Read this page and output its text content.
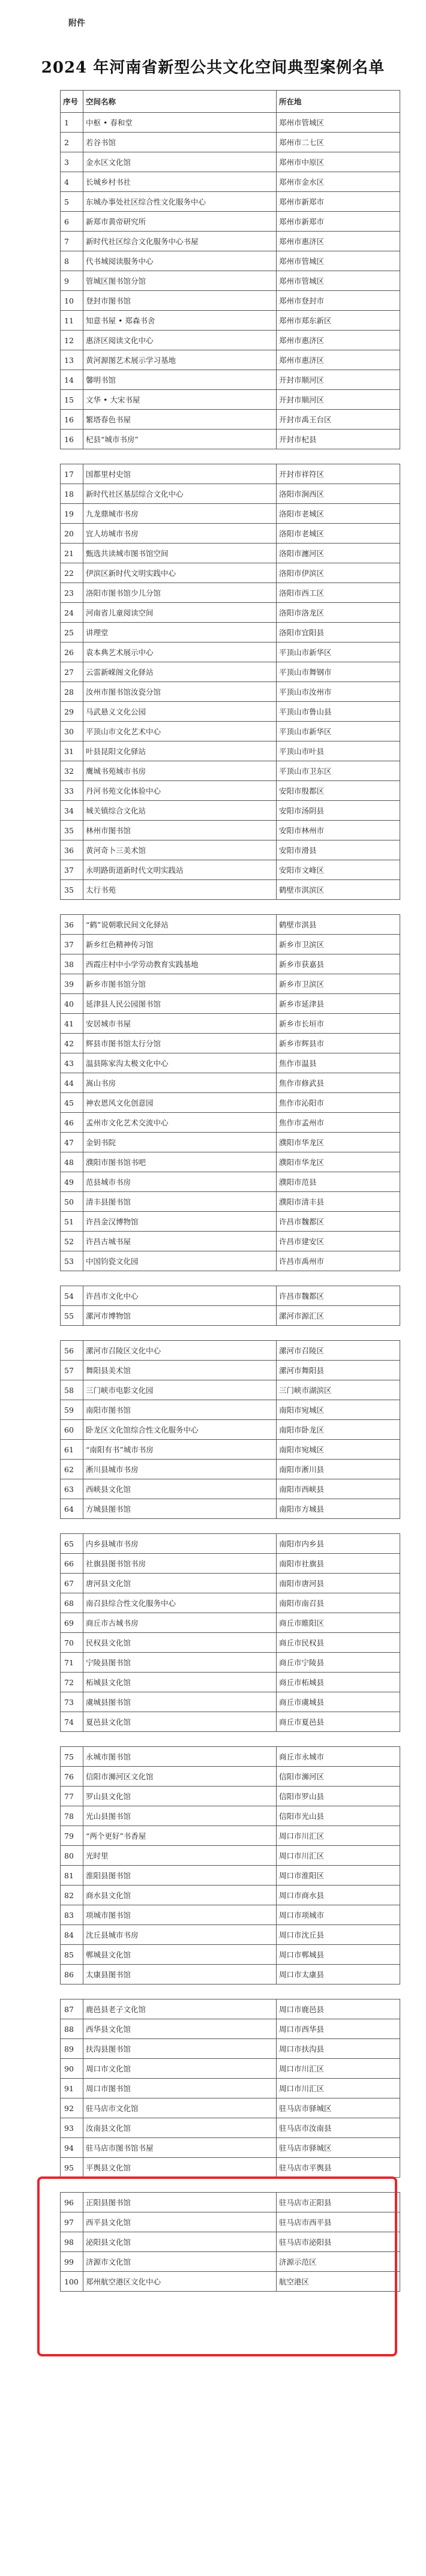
附件
2024 年河南省新型公共文化空间典型案例名单
序号	空间名称	所在地
1	中枢 • 春和堂	郑州市管城区
2	若谷书馆	郑州市二七区
3	金水区文化馆	郑州市中原区
4	长城乡村书社	郑州市金水区
5	东城办事处社区综合性文化服务中心	郑州市新郑市
6	新郑市黄帝研究所	郑州市新郑市
7	新时代社区综合文化服务中心书屋	郑州市惠济区
8	代书城阅读服务中心	郑州市管城区
9	管城区图书馆分馆	郑州市管城区
10	登封市图书馆	郑州市登封市
11	知意书屋 • 郑森书舍	郑州市郑东新区
12	惠济区阅读文化中心	郑州市惠济区
13	黄河源图艺术展示学习基地	郑州市惠济区
14	馨明书馆	开封市顺河区
15	文华 • 大宋书屋	开封市顺河区
16	繁塔春色书屋	开封市禹王台区
16	杞县“城市书房”	开封市杞县

17	国都里村史馆	开封市祥符区
18	新时代社区基层综合文化中心	洛阳市涧西区
19	九龙鼎城市书房	洛阳市老城区
20	宜人坊城市书房	洛阳市老城区
21	甄选共读城市图书馆空间	洛阳市瀍河区
22	伊滨区新时代文明实践中心	洛阳市伊滨区
23	洛阳市图书馆少儿分馆	洛阳市西工区
24	河南省儿童阅读空间	洛阳市洛龙区
25	讲理堂	洛阳市宜阳县
26	袁本典艺术展示中心	平顶山市新华区
27	云雷新嵘阁文化驿站	平顶山市舞钢市
28	汝州市图书馆汝瓷分馆	平顶山市汝州市
29	马武悬义文化公园	平顶山市鲁山县
30	平顶山市文化艺术中心	平顶山市新华区
31	叶县昆阳文化驿站	平顶山市叶县
32	鹰城书苑城市书房	平顶山市卫东区
33	丹河书苑文化体验中心	安阳市殷都区
34	城关镇综合文化站	安阳市汤阴县
35	林州市图书馆	安阳市林州市
36	黄河奇卜三美术馆	安阳市滑县
37	永明路街道新时代文明实践站	安阳市文峰区
35	太行书苑	鹤壁市淇滨区

36	“鹤”说朝歌民间文化驿站	鹤壁市淇县
37	新乡红色精神传习馆	新乡市卫滨区
38	西霞庄村中小学劳动教育实践基地	新乡市获嘉县
39	新乡市图书馆分馆	新乡市卫滨区
40	延津县人民公园图书馆	新乡市延津县
41	安居城市书屋	新乡市长垣市
42	辉县市图书馆太行分馆	新乡市辉县市
43	温县陈家沟太极文化中心	焦作市温县
44	嵩山书房	焦作市修武县
45	神农恩风文化创意园	焦作市沁阳市
46	孟州市文化艺术交流中心	焦作市孟州市
47	金钥书院	濮阳市华龙区
48	濮阳市图书馆书吧	濮阳市华龙区
49	范县城市书房	濮阳市范县
50	清丰县图书馆	濮阳市清丰县
51	许昌金汉博物馆	许昌市魏都区
52	许昌古城书屋	许昌市建安区
53	中国钧瓷文化园	许昌市禹州市

54	许昌市文化中心	许昌市魏都区
55	漯河市博物馆	漯河市源汇区

56	漯河市召陵区文化中心	漯河市召陵区
57	舞阳县美术馆	漯河市舞阳县
58	三门峡市电影文化园	三门峡市湖滨区
59	南阳市图书馆	南阳市宛城区
60	卧龙区文化馆综合性文化服务中心	南阳市卧龙区
61	“南阳有书”城市书房	南阳市宛城区
62	淅川县城市书房	南阳市淅川县
63	西峡县文化馆	南阳市西峡县
64	方城县图书馆	南阳市方城县

65	内乡县城市书房	南阳市内乡县
66	社旗县图书馆书房	南阳市社旗县
67	唐河县文化馆	南阳市唐河县
68	南召县综合性文化服务中心	南阳市南召县
69	商丘市古城书房	商丘市睢阳区
70	民权县文化馆	商丘市民权县
71	宁陵县图书馆	商丘市宁陵县
72	柘城县文化馆	商丘市柘城县
73	虞城县图书馆	商丘市虞城县
74	夏邑县文化馆	商丘市夏邑县

75	永城市图书馆	商丘市永城市
76	信阳市浉河区文化馆	信阳市浉河区
77	罗山县文化馆	信阳市罗山县
78	光山县图书馆	信阳市光山县
79	“两个更好”书香屋	周口市川汇区
80	光时里	周口市川汇区
81	淮阳县图书馆	周口市淮阳区
82	商水县文化馆	周口市商水县
83	项城市图书馆	周口市项城市
84	沈丘县城市书房	周口市沈丘县
85	郸城县文化馆	周口市郸城县
86	太康县图书馆	周口市太康县

87	鹿邑县老子文化馆	周口市鹿邑县
88	西华县文化馆	周口市西华县
89	扶沟县图书馆	周口市扶沟县
90	周口市文化馆	周口市川汇区
91	周口市图书馆	周口市川汇区
92	驻马店市文化馆	驻马店市驿城区
93	汝南县文化馆	驻马店市汝南县
94	驻马店市图书馆书屋	驻马店市驿城区
95	平舆县文化馆	驻马店市平舆县

96	正阳县图书馆	驻马店市正阳县
97	西平县文化馆	驻马店市西平县
98	泌阳县文化馆	驻马店市泌阳县
99	济源市文化馆	济源示范区
100	郑州航空港区文化中心	航空港区
